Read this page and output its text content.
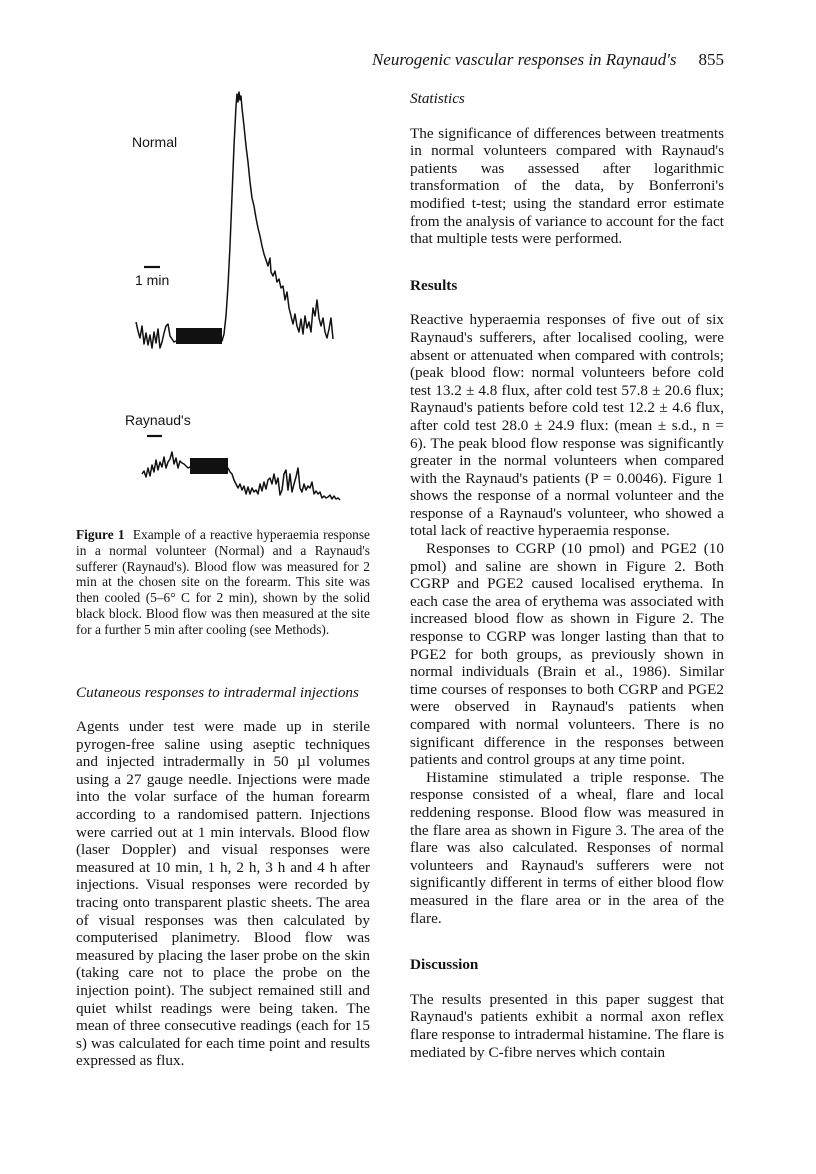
Neurogenic vascular responses in Raynaud's 855
Normal
1 min
Raynaud's
Figure 1 Example of a reactive hyperaemia response in a normal volunteer (Normal) and a Raynaud's sufferer (Raynaud's). Blood flow was measured for 2 min at the chosen site on the forearm. This site was then cooled (5–6° C for 2 min), shown by the solid black block. Blood flow was then measured at the site for a further 5 min after cooling (see Methods).
Cutaneous responses to intradermal injections

Agents under test were made up in sterile pyrogen-free saline using aseptic techniques and injected intradermally in 50 µl volumes using a 27 gauge needle. Injections were made into the volar surface of the human forearm according to a randomised pattern. Injections were carried out at 1 min intervals. Blood flow (laser Doppler) and visual responses were measured at 10 min, 1 h, 2 h, 3 h and 4 h after injections. Visual responses were recorded by tracing onto transparent plastic sheets. The area of visual responses was then calculated by computerised planimetry. Blood flow was measured by placing the laser probe on the skin (taking care not to place the probe on the injection point). The subject remained still and quiet whilst readings were being taken. The mean of three consecutive readings (each for 15 s) was calculated for each time point and results expressed as flux.

Statistics

The significance of differences between treatments in normal volunteers compared with Raynaud's patients was assessed after logarithmic transformation of the data, by Bonferroni's modified t-test; using the standard error estimate from the analysis of variance to account for the fact that multiple tests were performed.

Results

Reactive hyperaemia responses of five out of six Raynaud's sufferers, after localised cooling, were absent or attenuated when compared with controls; (peak blood flow: normal volunteers before cold test 13.2 ± 4.8 flux, after cold test 57.8 ± 20.6 flux; Raynaud's patients before cold test 12.2 ± 4.6 flux, after cold test 28.0 ± 24.9 flux: (mean ± s.d., n = 6). The peak blood flow response was significantly greater in the normal volunteers when compared with the Raynaud's patients (P = 0.0046). Figure 1 shows the response of a normal volunteer and the response of a Raynaud's volunteer, who showed a total lack of reactive hyperaemia response.

Responses to CGRP (10 pmol) and PGE2 (10 pmol) and saline are shown in Figure 2. Both CGRP and PGE2 caused localised erythema. In each case the area of erythema was associated with increased blood flow as shown in Figure 2. The response to CGRP was longer lasting than that to PGE2 for both groups, as previously shown in normal individuals (Brain et al., 1986). Similar time courses of responses to both CGRP and PGE2 were observed in Raynaud's patients when compared with normal volunteers. There is no significant difference in the responses between patients and control groups at any time point.

Histamine stimulated a triple response. The response consisted of a wheal, flare and local reddening response. Blood flow was measured in the flare area as shown in Figure 3. The area of the flare was also calculated. Responses of normal volunteers and Raynaud's sufferers were not significantly different in terms of either blood flow measured in the flare area or in the area of the flare.

Discussion

The results presented in this paper suggest that Raynaud's patients exhibit a normal axon reflex flare response to intradermal histamine. The flare is mediated by C-fibre nerves which contain
